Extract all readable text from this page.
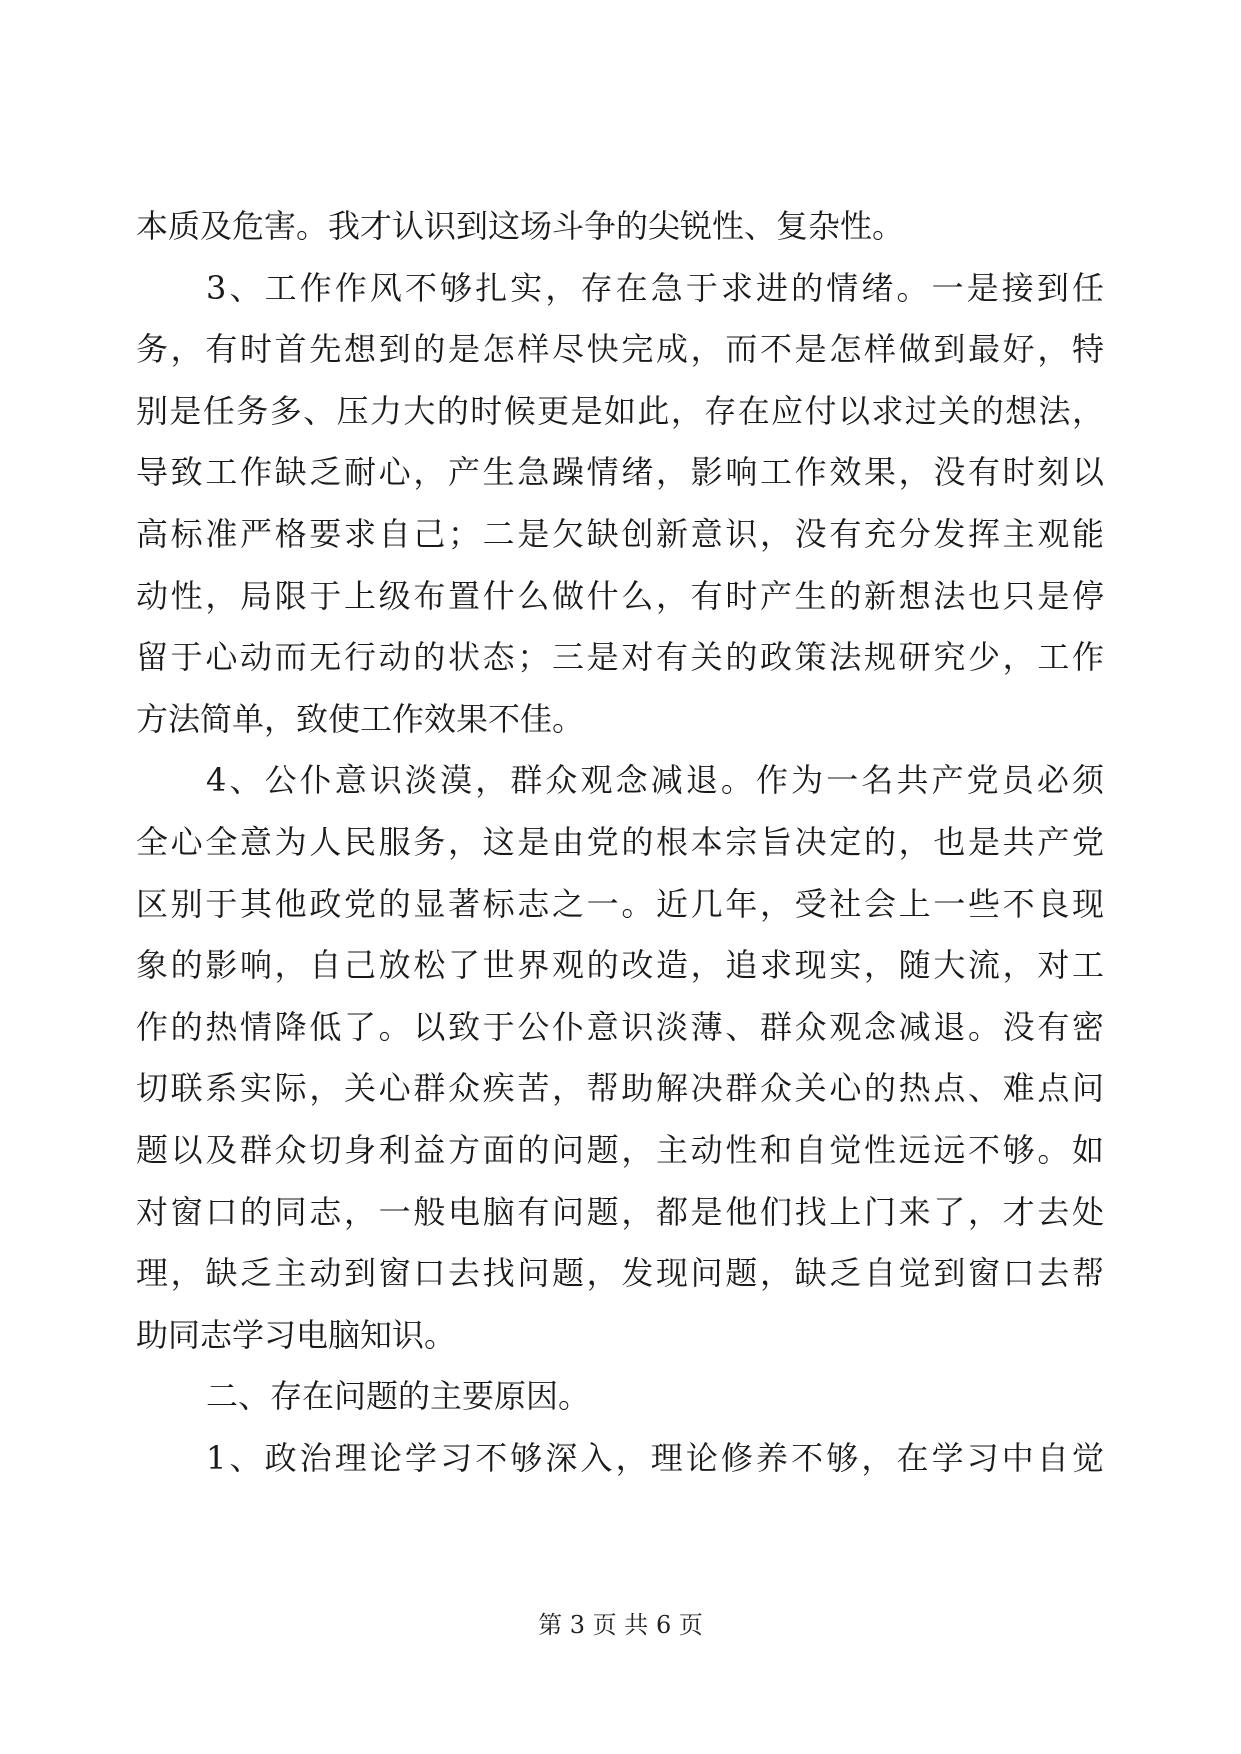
本质及危害。我才认识到这场斗争的尖锐性、复杂性。
3、工作作风不够扎实，存在急于求进的情绪。一是接到任
务，有时首先想到的是怎样尽快完成，而不是怎样做到最好，特
别是任务多、压力大的时候更是如此，存在应付以求过关的想法，
导致工作缺乏耐心，产生急躁情绪，影响工作效果，没有时刻以
高标准严格要求自己；二是欠缺创新意识，没有充分发挥主观能
动性，局限于上级布置什么做什么，有时产生的新想法也只是停
留于心动而无行动的状态；三是对有关的政策法规研究少，工作
方法简单，致使工作效果不佳。
4、公仆意识淡漠，群众观念减退。作为一名共产党员必须
全心全意为人民服务，这是由党的根本宗旨决定的，也是共产党
区别于其他政党的显著标志之一。近几年，受社会上一些不良现
象的影响，自己放松了世界观的改造，追求现实，随大流，对工
作的热情降低了。以致于公仆意识淡薄、群众观念减退。没有密
切联系实际，关心群众疾苦，帮助解决群众关心的热点、难点问
题以及群众切身利益方面的问题，主动性和自觉性远远不够。如
对窗口的同志，一般电脑有问题，都是他们找上门来了，才去处
理，缺乏主动到窗口去找问题，发现问题，缺乏自觉到窗口去帮
助同志学习电脑知识。
二、存在问题的主要原因。
1、政治理论学习不够深入，理论修养不够，在学习中自觉
第 3 页 共 6 页
